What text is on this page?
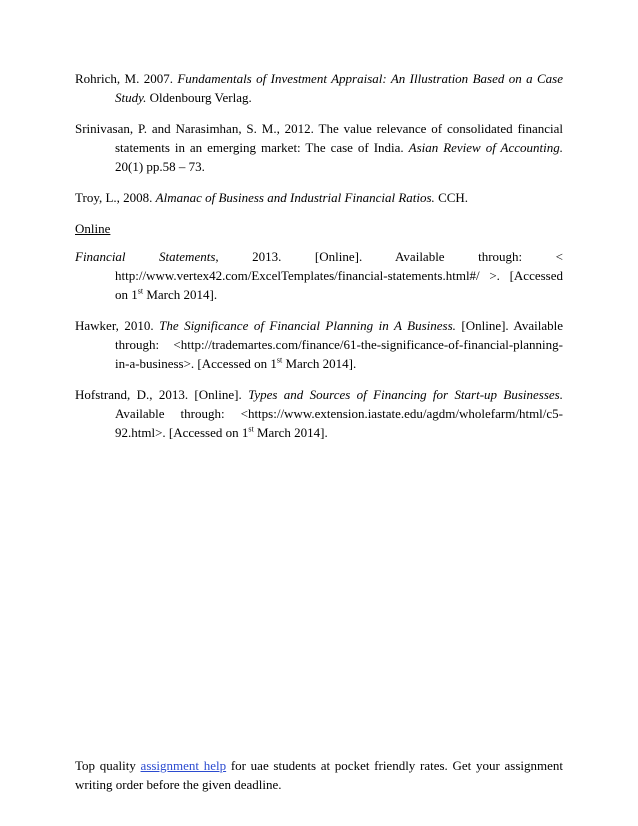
Rohrich, M. 2007. Fundamentals of Investment Appraisal: An Illustration Based on a Case Study. Oldenbourg Verlag.

Srinivasan, P. and Narasimhan, S. M., 2012. The value relevance of consolidated financial statements in an emerging market: The case of India. Asian Review of Accounting. 20(1) pp.58 – 73.

Troy, L., 2008. Almanac of Business and Industrial Financial Ratios. CCH.

Online

Financial Statements, 2013. [Online]. Available through: < http://www.vertex42.com/ExcelTemplates/financial-statements.html#/ >. [Accessed on 1st March 2014].

Hawker, 2010. The Significance of Financial Planning in A Business. [Online]. Available through: <http://trademartes.com/finance/61-the-significance-of-financial-planning-in-a-business>. [Accessed on 1st March 2014].

Hofstrand, D., 2013. [Online]. Types and Sources of Financing for Start-up Businesses. Available through: <https://www.extension.iastate.edu/agdm/wholefarm/html/c5-92.html>. [Accessed on 1st March 2014].

Top quality assignment help for uae students at pocket friendly rates. Get your assignment writing order before the given deadline.
